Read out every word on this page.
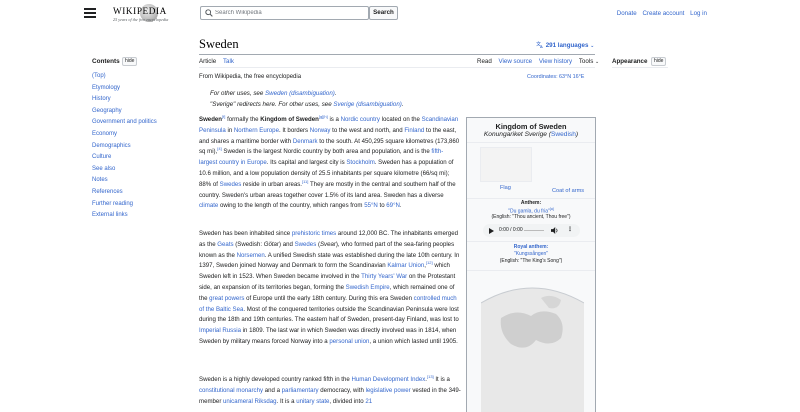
WIKIPEDIA
25 years of the free encyclopedia
Search Wikipedia
Search	Donate Create account Log in
Contents	hide
(Top)
Etymology
History
Geography
Government and politics
Economy
Demographics
Culture
See also
Notes
References
Further reading
External links
Sweden	文 A 291 languages ⌄
Article Talk	Read View source View history Tools ⌄	Appearance	hide
From Wikipedia, the free encyclopedia	Coordinates: 63°N 16°E
For other uses, see Sweden (disambiguation).
"Sverige" redirects here. For other uses, see Sverige (disambiguation).

Sweden[f] formally the Kingdom of Sweden[g][h] is a Nordic country located on the Scandinavian Peninsula in Northern Europe. It borders Norway to the west and north, and Finland to the east, and shares a maritime border with Denmark to the south. At 450,295 square kilometres (173,860 sq mi),[4] Sweden is the largest Nordic country by both area and population, and is the fifth-largest country in Europe. Its capital and largest city is Stockholm. Sweden has a population of 10.6 million, and a low population density of 25.5 inhabitants per square kilometre (66/sq mi); 88% of Swedes reside in urban areas.[11] They are mostly in the central and southern half of the country. Sweden's urban areas together cover 1.5% of its land area. Sweden has a diverse climate owing to the length of the country, which ranges from 55°N to 69°N.

Sweden has been inhabited since prehistoric times around 12,000 BC. The inhabitants emerged as the Geats (Swedish: Götar) and Swedes (Svear), who formed part of the sea-faring peoples known as the Norsemen. A unified Swedish state was established during the late 10th century. In 1397, Sweden joined Norway and Denmark to form the Scandinavian Kalmar Union,[12] which Sweden left in 1523. When Sweden became involved in the Thirty Years' War on the Protestant side, an expansion of its territories began, forming the Swedish Empire, which remained one of the great powers of Europe until the early 18th century. During this era Sweden controlled much of the Baltic Sea. Most of the conquered territories outside the Scandinavian Peninsula were lost during the 18th and 19th centuries. The eastern half of Sweden, present-day Finland, was lost to Imperial Russia in 1809. The last war in which Sweden was directly involved was in 1814, when Sweden by military means forced Norway into a personal union, a union which lasted until 1905.

Sweden is a highly developed country ranked fifth in the Human Development Index.[13] It is a constitutional monarchy and a parliamentary democracy, with legislative power vested in the 349-member unicameral Riksdag. It is a unitary state, divided into 21

Kingdom of Sweden
Konungariket Sverige (Swedish)
Flag	Coat of arms
Anthem:
"Du gamla, du fria"[a]
(English: "Thou ancient, Thou free")
0:00 / 0:00	⋮
Royal anthem:
"Kungssången"
(English: "The King's Song")
